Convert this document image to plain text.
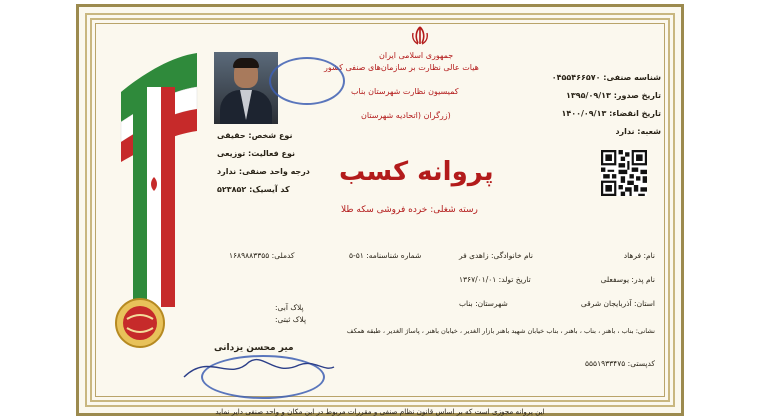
جمهوری اسلامی ایران
هیات عالی نظارت بر سازمان‌های صنفی کشور
کمیسیون نظارت شهرستان بناب
(زرگران (اتحادیه شهرستان
شناسه صنفی: ۰۴۵۵۴۶۶۵۷۰
تاریخ صدور: ۱۳۹۵/۰۹/۱۳
تاریخ انقضاء: ۱۴۰۰/۰۹/۱۳
شعبه: ندارد
نوع شخص: حقیقی
نوع فعالیت: توزیعی
درجه واحد صنفی: ندارد
کد آیسیک: ۵۲۳۸۵۲
پروانه کسب
رسته شغلی: خرده فروشی سکه طلا
نام: فرهاد
نام خانوادگی: زاهدی فر
شماره شناسنامه: ۵۱-۵
کدملی: ۱۶۸۹۸۸۳۳۵۵
نام پدر: یوسفعلی
تاریخ تولد: ۱۳۶۷/۰۱/۰۱
استان: آذربایجان شرقی
شهرستان: بناب
پلاک آبی:
پلاک ثبتی:
نشانی: بناب ، باهنر ، بناب ، باهنر ، بناب خیابان شهید باهنر بازار الغدیر ، خیابان باهنر ، پاساژ الغدیر ، طبقه همکف
کدپستی: ۵۵۵۱۹۳۳۴۷۵
میر محسن یزدانی
این پروانه مجوزی است که بر اساس قانون نظام صنفی و مقررات مربوط در این مکان و واحد صنفی دایر نماید
